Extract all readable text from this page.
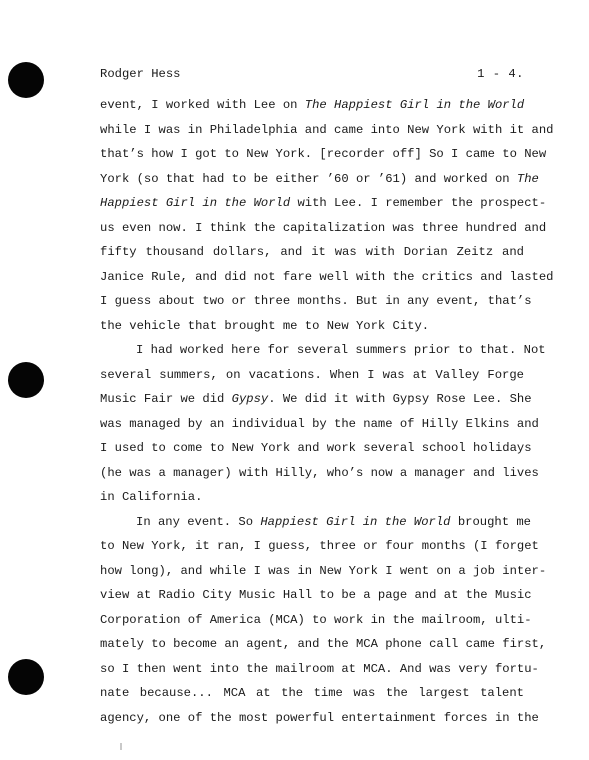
Rodger Hess	1 - 4.
event, I worked with Lee on The Happiest Girl in the World
while I was in Philadelphia and came into New York with it and
that’s how I got to New York. [recorder off] So I came to New
York (so that had to be either ’60 or ’61) and worked on The
Happiest Girl in the World with Lee. I remember the prospect-
us even now. I think the capitalization was three hundred and
fifty thousand dollars, and it was with Dorian Zeitz and
Janice Rule, and did not fare well with the critics and lasted
I guess about two or three months. But in any event, that’s
the vehicle that brought me to New York City.
I had worked here for several summers prior to that. Not
several summers, on vacations. When I was at Valley Forge
Music Fair we did Gypsy. We did it with Gypsy Rose Lee. She
was managed by an individual by the name of Hilly Elkins and
I used to come to New York and work several school holidays
(he was a manager) with Hilly, who’s now a manager and lives
in California.
In any event. So Happiest Girl in the World brought me
to New York, it ran, I guess, three or four months (I forget
how long), and while I was in New York I went on a job inter-
view at Radio City Music Hall to be a page and at the Music
Corporation of America (MCA) to work in the mailroom, ulti-
mately to become an agent, and the MCA phone call came first,
so I then went into the mailroom at MCA. And was very fortu-
nate because... MCA at the time was the largest talent
agency, one of the most powerful entertainment forces in the
